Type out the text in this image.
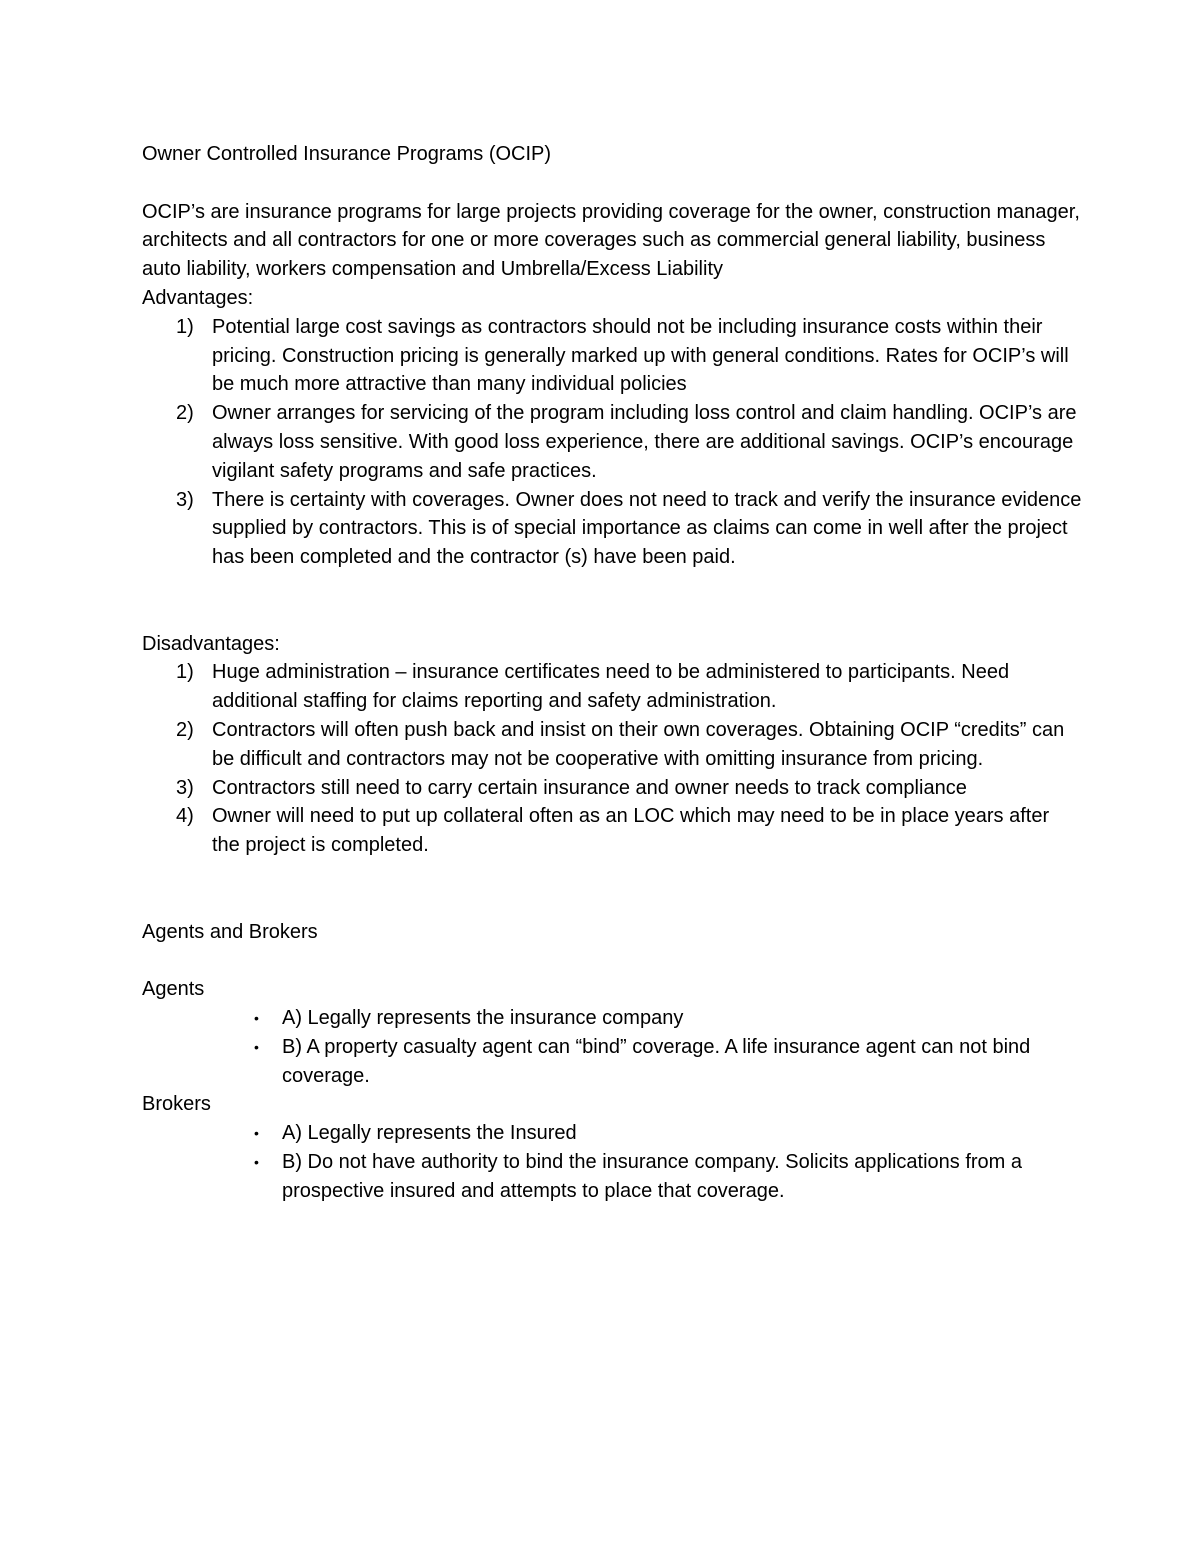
Owner Controlled Insurance Programs (OCIP)

OCIP’s are insurance programs for large projects providing coverage for the owner, construction manager, architects and all contractors for one or more coverages such as commercial general liability, business auto liability, workers compensation and Umbrella/Excess Liability

Advantages:

1) Potential large cost savings as contractors should not be including insurance costs within their pricing. Construction pricing is generally marked up with general conditions. Rates for OCIP’s will be much more attractive than many individual policies
2) Owner arranges for servicing of the program including loss control and claim handling. OCIP’s are always loss sensitive. With good loss experience, there are additional savings. OCIP’s encourage vigilant safety programs and safe practices.
3) There is certainty with coverages. Owner does not need to track and verify the insurance evidence supplied by contractors. This is of special importance as claims can come in well after the project has been completed and the contractor (s) have been paid.

Disadvantages:

1) Huge administration – insurance certificates need to be administered to participants. Need additional staffing for claims reporting and safety administration.
2) Contractors will often push back and insist on their own coverages. Obtaining OCIP “credits” can be difficult and contractors may not be cooperative with omitting insurance from pricing.
3) Contractors still need to carry certain insurance and owner needs to track compliance
4) Owner will need to put up collateral often as an LOC which may need to be in place years after the project is completed.

Agents and Brokers

Agents

• A) Legally represents the insurance company
• B) A property casualty agent can “bind” coverage. A life insurance agent can not bind coverage.

Brokers

• A) Legally represents the Insured
• B) Do not have authority to bind the insurance company. Solicits applications from a prospective insured and attempts to place that coverage.
